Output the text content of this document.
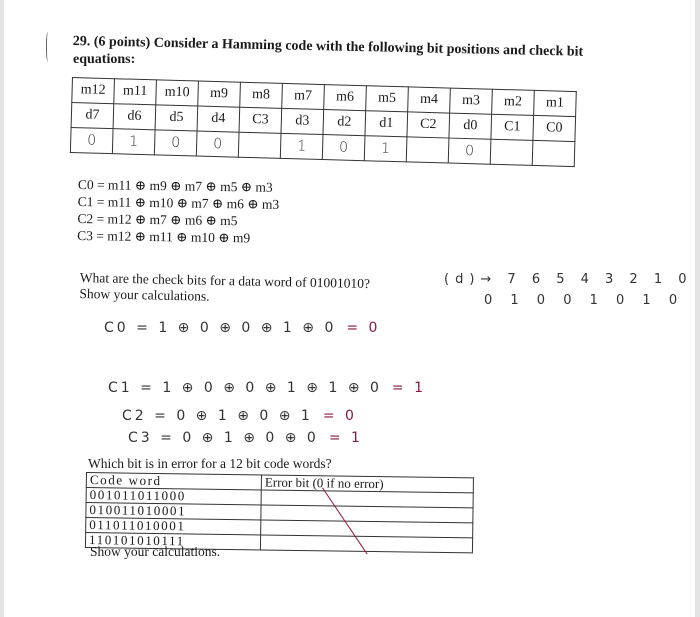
29. (6 points) Consider a Hamming code with the following bit positions and check bit
equations:
m12	m11	m10	m9	m8	m7	m6	m5	m4	m3	m2	m1
d7	d6	d5	d4	C3	d3	d2	d1	C2	d0	C1	C0
0	1	0	0		1	0	1		0		
C0 = m11 ⊕ m9 ⊕ m7 ⊕ m5 ⊕ m3
C1 = m11 ⊕ m10 ⊕ m7 ⊕ m6 ⊕ m3
C2 = m12 ⊕ m7 ⊕ m6 ⊕ m5
C3 = m12 ⊕ m11 ⊕ m10 ⊕ m9
What are the check bits for a data word of 01001010?
Show your calculations.
(d)→ 7 6 5 4 3 2 1 0
0 1 0 0 1 0 1 0
C0 = 1 ⊕ 0 ⊕ 0 ⊕ 1 ⊕ 0 = 0
C1 = 1 ⊕ 0 ⊕ 0 ⊕ 1 ⊕ 1 ⊕ 0 = 1
C2 = 0 ⊕ 1 ⊕ 0 ⊕ 1 = 0
C3 = 0 ⊕ 1 ⊕ 0 ⊕ 0 = 1
Which bit is in error for a 12 bit code words?
Code word	Error bit (0 if no error)
001011011000	
010011010001	
011011010001	
110101010111	
Show your calculations.
